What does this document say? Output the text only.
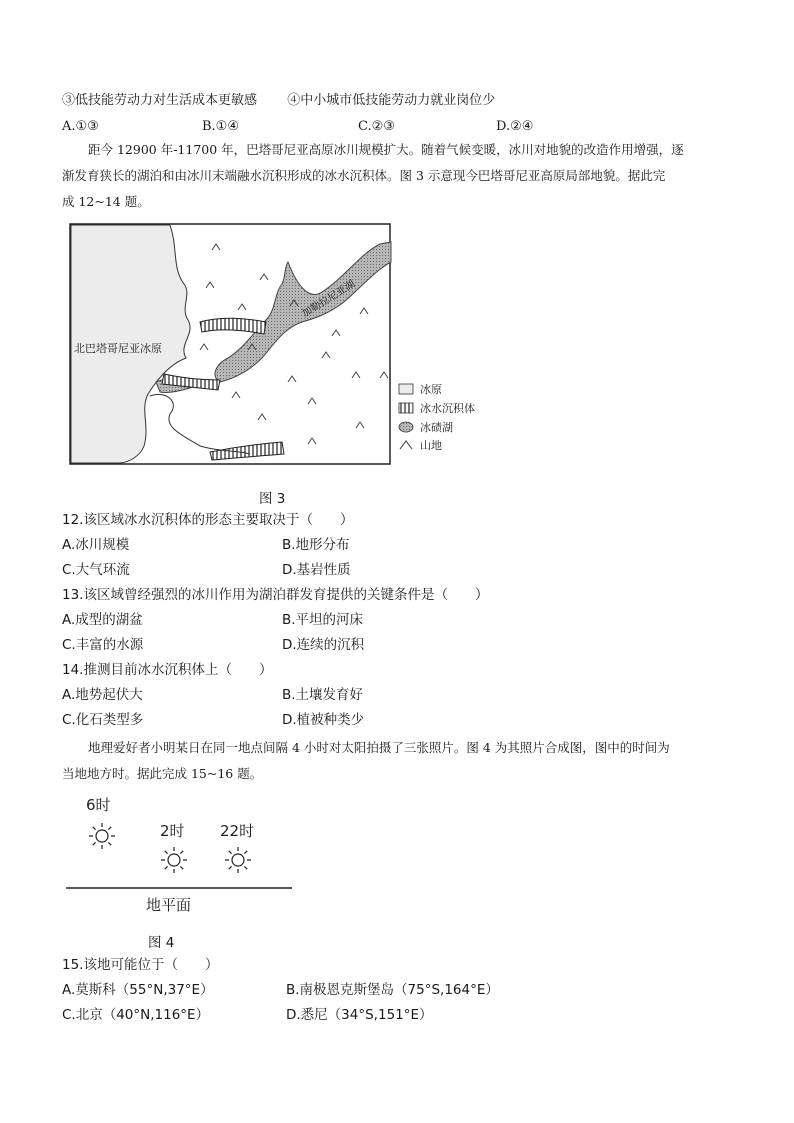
③低技能劳动力对生活成本更敏感 ④中小城市低技能劳动力就业岗位少
A.①③	B.①④	C.②③	D.②④
距今 12900 年-11700 年，巴塔哥尼亚高原冰川规模扩大。随着气候变暖，冰川对地貌的改造作用增强，逐
渐发育狭长的湖泊和由冰川末端融水沉积形成的冰水沉积体。图 3 示意现今巴塔哥尼亚高原局部地貌。据此完
成 12~14 题。
加勒拉尼亚湖
北巴塔哥尼亚冰原
冰原
冰水沉积体
冰碛湖
山地
图 3
12.该区域冰水沉积体的形态主要取决于（　　）
A.冰川规模	B.地形分布
C.大气环流	D.基岩性质
13.该区域曾经强烈的冰川作用为湖泊群发育提供的关键条件是（　　）
A.成型的湖盆	B.平坦的河床
C.丰富的水源	D.连续的沉积
14.推测目前冰水沉积体上（　　）
A.地势起伏大	B.土壤发育好
C.化石类型多	D.植被种类少
地理爱好者小明某日在同一地点间隔 4 小时对太阳拍摄了三张照片。图 4 为其照片合成图，图中的时间为
当地地方时。据此完成 15~16 题。
6时
2时 22时
地平面
图 4
15.该地可能位于（　　）
A.莫斯科（55°N,37°E）	B.南极恩克斯堡岛（75°S,164°E）
C.北京（40°N,116°E）	D.悉尼（34°S,151°E）
